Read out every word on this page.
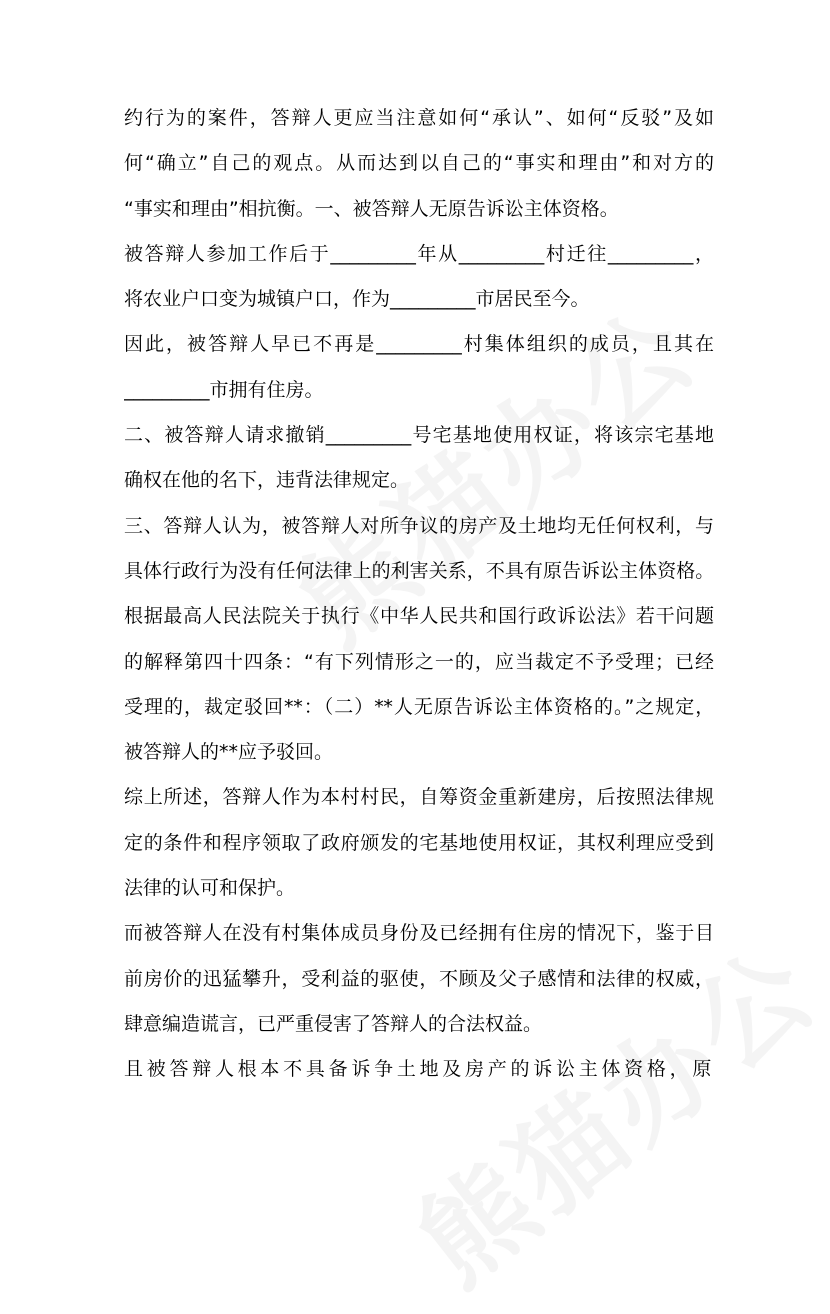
约行为的案件，答辩人更应当注意如何“承认”、如何“反驳”及如
何“确立”自己的观点。从而达到以自己的“事实和理由”和对方的
“事实和理由”相抗衡。一、被答辩人无原告诉讼主体资格。
被答辩人参加工作后于_________年从_________村迁往_________，
将农业户口变为城镇户口，作为_________市居民至今。
因此，被答辩人早已不再是_________村集体组织的成员，且其在
_________市拥有住房。
二、被答辩人请求撤销_________号宅基地使用权证，将该宗宅基地
确权在他的名下，违背法律规定。
三、答辩人认为，被答辩人对所争议的房产及土地均无任何权利，与
具体行政行为没有任何法律上的利害关系，不具有原告诉讼主体资格。
根据最高人民法院关于执行《中华人民共和国行政诉讼法》若干问题
的解释第四十四条：“有下列情形之一的，应当裁定不予受理；已经
受理的，裁定驳回**：（二）**人无原告诉讼主体资格的。”之规定，
被答辩人的**应予驳回。
综上所述，答辩人作为本村村民，自筹资金重新建房，后按照法律规
定的条件和程序领取了政府颁发的宅基地使用权证，其权利理应受到
法律的认可和保护。
而被答辩人在没有村集体成员身份及已经拥有住房的情况下，鉴于目
前房价的迅猛攀升，受利益的驱使，不顾及父子感情和法律的权威，
肆意编造谎言，已严重侵害了答辩人的合法权益。
且被答辩人根本不具备诉争土地及房产的诉讼主体资格，原
